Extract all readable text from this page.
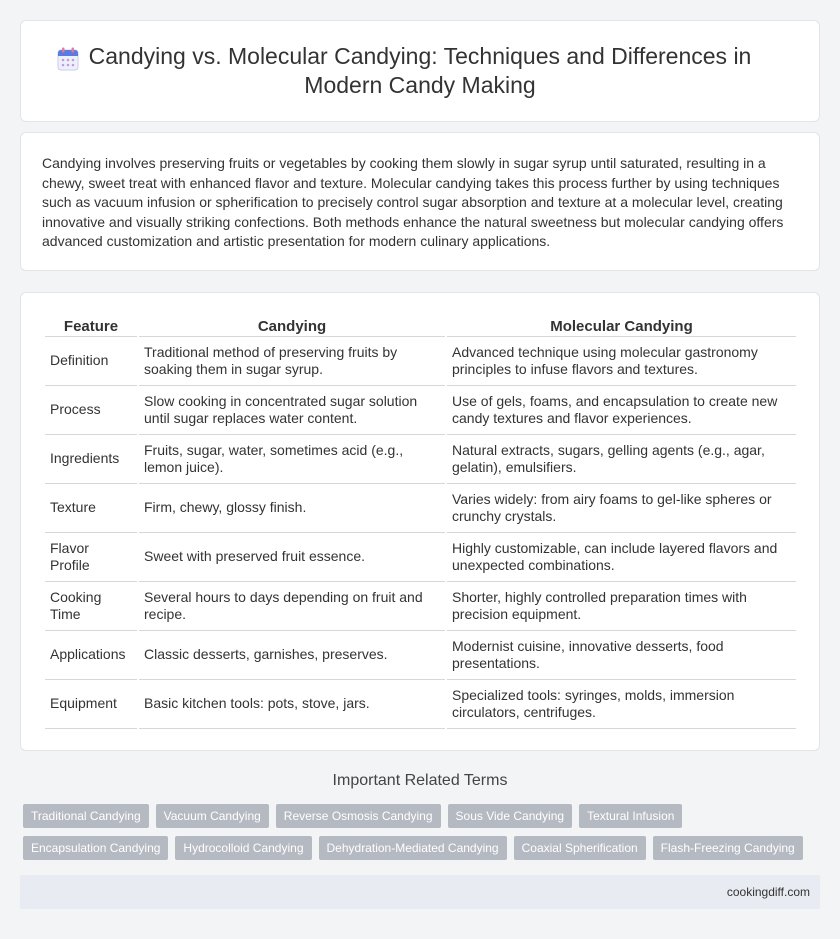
Candying vs. Molecular Candying: Techniques and Differences in Modern Candy Making

Candying involves preserving fruits or vegetables by cooking them slowly in sugar syrup until saturated, resulting in a chewy, sweet treat with enhanced flavor and texture. Molecular candying takes this process further by using techniques such as vacuum infusion or spherification to precisely control sugar absorption and texture at a molecular level, creating innovative and visually striking confections. Both methods enhance the natural sweetness but molecular candying offers advanced customization and artistic presentation for modern culinary applications.

Feature	Candying	Molecular Candying
Definition	Traditional method of preserving fruits by soaking them in sugar syrup.	Advanced technique using molecular gastronomy principles to infuse flavors and textures.
Process	Slow cooking in concentrated sugar solution until sugar replaces water content.	Use of gels, foams, and encapsulation to create new candy textures and flavor experiences.
Ingredients	Fruits, sugar, water, sometimes acid (e.g., lemon juice).	Natural extracts, sugars, gelling agents (e.g., agar, gelatin), emulsifiers.
Texture	Firm, chewy, glossy finish.	Varies widely: from airy foams to gel-like spheres or crunchy crystals.
Flavor Profile	Sweet with preserved fruit essence.	Highly customizable, can include layered flavors and unexpected combinations.
Cooking Time	Several hours to days depending on fruit and recipe.	Shorter, highly controlled preparation times with precision equipment.
Applications	Classic desserts, garnishes, preserves.	Modernist cuisine, innovative desserts, food presentations.
Equipment	Basic kitchen tools: pots, stove, jars.	Specialized tools: syringes, molds, immersion circulators, centrifuges.
Important Related Terms
Traditional Candying	Vacuum Candying	Reverse Osmosis Candying	Sous Vide Candying	Textural Infusion
Encapsulation Candying	Hydrocolloid Candying	Dehydration-Mediated Candying	Coaxial Spherification	Flash-Freezing Candying
cookingdiff.com
